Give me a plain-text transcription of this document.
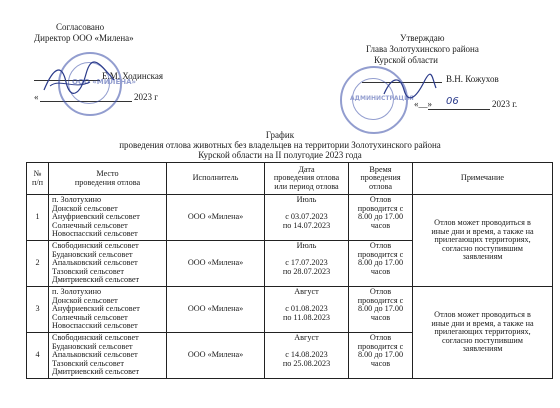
Согласовано
Директор ООО «Милена»
Е.М. Ходинская
«	2023 г
ООО «МИЛЕНА»
Утверждаю
Глава Золотухинского района
Курской области
В.Н. Кожухов
«__» 06	2023 г.
АДМИНИСТРАЦИЯ
График
проведения отлова животных без владельцев на территории Золотухинского района
Курской области на II полугодие 2023 года
№
п/п	Место
проведения отлова	Исполнитель	Дата
проведения отлова
или период отлова	Время
проведения
отлова	Примечание

1	п. Золотухино
Донской сельсовет
Ануфриевский сельсовет
Солнечный сельсовет
Новоспасский сельсовет	ООО «Милена»	Июль

с 03.07.2023
по 14.07.2023	Отлов
проводится с
8.00 до 17.00
часов	Отлов может проводиться в
иные дни и время, а также на
прилегающих территориях,
согласно поступившим
заявлениям

2	Свободинский сельсовет
Будановский сельсовет
Апальковский сельсовет
Тазовский сельсовет
Дмитриевский сельсовет	ООО «Милена»	Июль

с 17.07.2023
по 28.07.2023	Отлов
проводится с
8.00 до 17.00
часов	

3	п. Золотухино
Донской сельсовет
Ануфриевский сельсовет
Солнечный сельсовет
Новоспасский сельсовет	ООО «Милена»	Август

с 01.08.2023
по 11.08.2023	Отлов
проводится с
8.00 до 17.00
часов	Отлов может проводиться в
иные дни и время, а также на
прилегающих территориях,
согласно поступившим
заявлениям

4	Свободинский сельсовет
Будановский сельсовет
Апальковский сельсовет
Тазовский сельсовет
Дмитриевский сельсовет	ООО «Милена»	Август

с 14.08.2023
по 25.08.2023	Отлов
проводится с
8.00 до 17.00
часов	
